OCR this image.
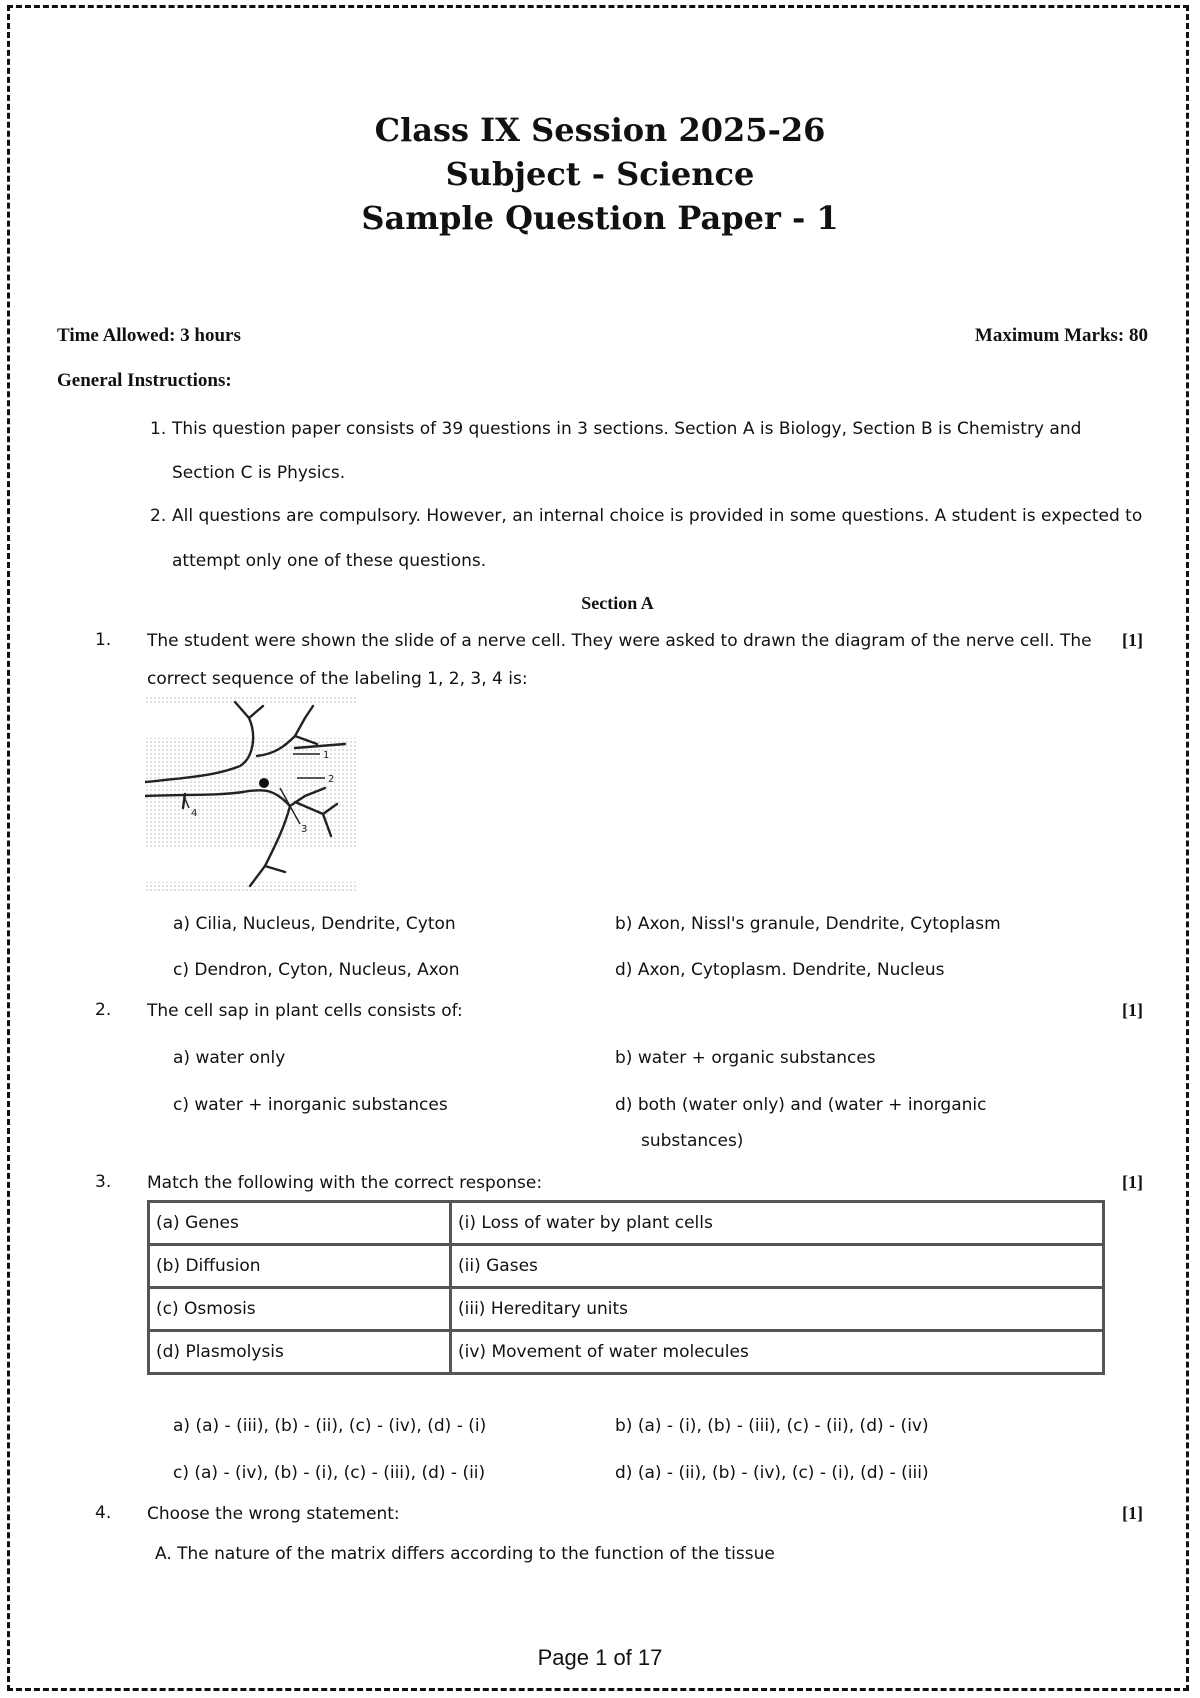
Class IX Session 2025-26
Subject - Science
Sample Question Paper - 1
Time Allowed: 3 hours	Maximum Marks: 80
General Instructions:
1. This question paper consists of 39 questions in 3 sections. Section A is Biology, Section B is Chemistry and
Section C is Physics.
2. All questions are compulsory. However, an internal choice is provided in some questions. A student is expected to
attempt only one of these questions.
Section A
1. The student were shown the slide of a nerve cell. They were asked to drawn the diagram of the nerve cell. The
correct sequence of the labeling 1, 2, 3, 4 is:
[1]
1
2
3
4
a) Cilia, Nucleus, Dendrite, Cyton	b) Axon, Nissl's granule, Dendrite, Cytoplasm
c) Dendron, Cyton, Nucleus, Axon	d) Axon, Cytoplasm. Dendrite, Nucleus
2. The cell sap in plant cells consists of:	[1]
a) water only	b) water + organic substances
c) water + inorganic substances	d) both (water only) and (water + inorganic
substances)
3. Match the following with the correct response:	[1]
(a) Genes	(i) Loss of water by plant cells
(b) Diffusion	(ii) Gases
(c) Osmosis	(iii) Hereditary units
(d) Plasmolysis	(iv) Movement of water molecules
a) (a) - (iii), (b) - (ii), (c) - (iv), (d) - (i)	b) (a) - (i), (b) - (iii), (c) - (ii), (d) - (iv)
c) (a) - (iv), (b) - (i), (c) - (iii), (d) - (ii)	d) (a) - (ii), (b) - (iv), (c) - (i), (d) - (iii)
4. Choose the wrong statement:	[1]
A. The nature of the matrix differs according to the function of the tissue
Page 1 of 17
